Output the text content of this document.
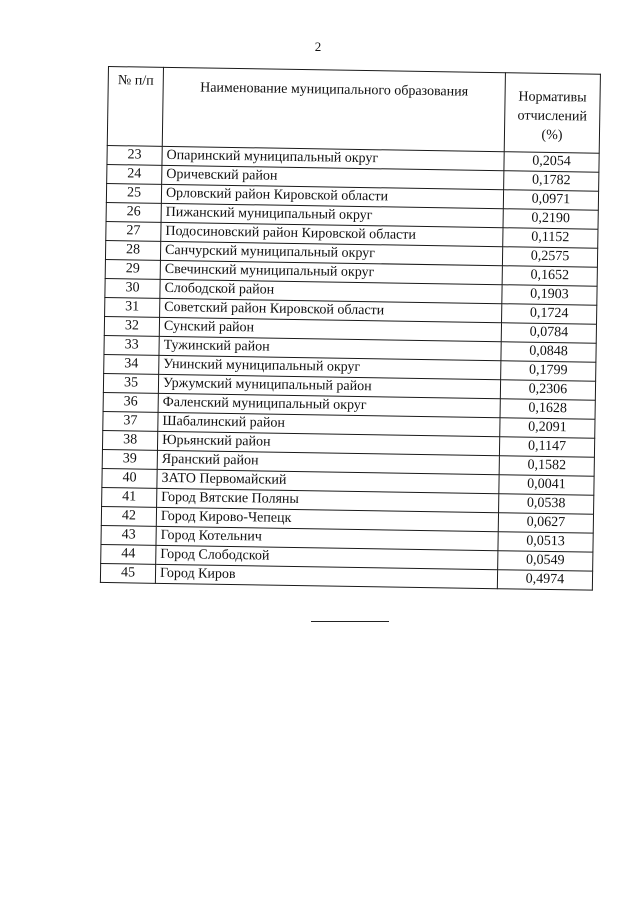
2
№ п/п	Наименование муниципального образования	Нормативы отчислений (%)
23	Опаринский муниципальный округ	0,2054
24	Оричевский район	0,1782
25	Орловский район Кировской области	0,0971
26	Пижанский муниципальный округ	0,2190
27	Подосиновский район Кировской области	0,1152
28	Санчурский муниципальный округ	0,2575
29	Свечинский муниципальный округ	0,1652
30	Слободской район	0,1903
31	Советский район Кировской области	0,1724
32	Сунский район	0,0784
33	Тужинский район	0,0848
34	Унинский муниципальный округ	0,1799
35	Уржумский муниципальный район	0,2306
36	Фаленский муниципальный округ	0,1628
37	Шабалинский район	0,2091
38	Юрьянский район	0,1147
39	Яранский район	0,1582
40	ЗАТО Первомайский	0,0041
41	Город Вятские Поляны	0,0538
42	Город Кирово-Чепецк	0,0627
43	Город Котельнич	0,0513
44	Город Слободской	0,0549
45	Город Киров	0,4974
